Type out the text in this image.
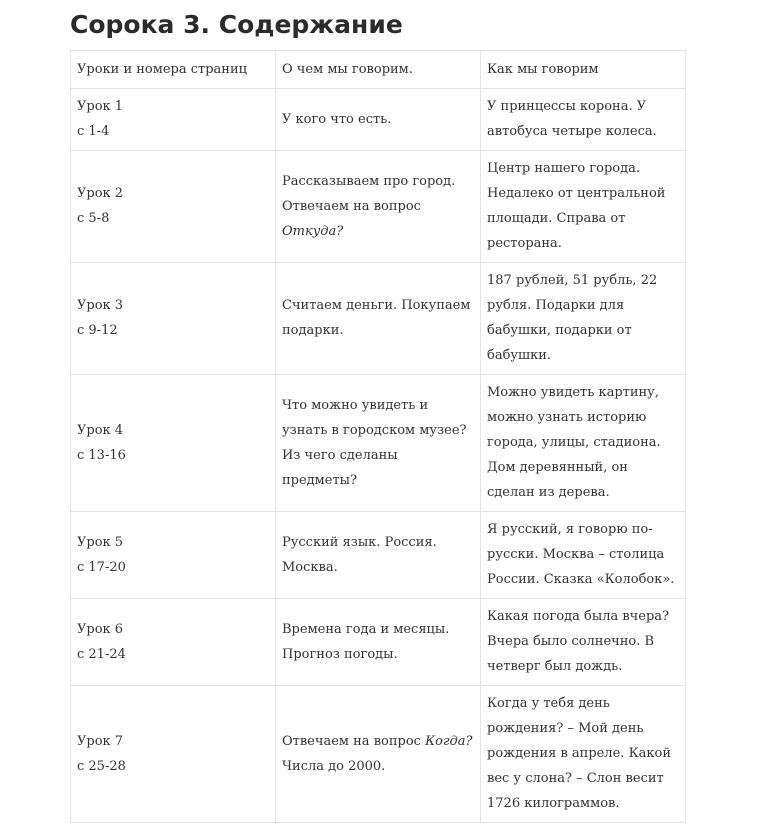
Сорока 3. Содержание
Уроки и номера страниц	О чем мы говорим.	Как мы говорим

Урок 1
с 1-4	У кого что есть.	У принцессы корона. У автобуса четыре колеса.

Урок 2
с 5-8	Рассказываем про город. Отвечаем на вопрос Откуда?	Центр нашего города. Недалеко от центральной площади. Справа от ресторана.

Урок 3
с 9-12	Считаем деньги. Покупаем подарки.	187 рублей, 51 рубль, 22 рубля. Подарки для бабушки, подарки от бабушки.

Урок 4
с 13-16	Что можно увидеть и узнать в городском музее? Из чего сделаны предметы?	Можно увидеть картину, можно узнать историю города, улицы, стадиона. Дом деревянный, он сделан из дерева.

Урок 5
с 17-20	Русский язык. Россия. Москва.	Я русский, я говорю по-русски. Москва – столица России. Сказка «Колобок».

Урок 6
с 21-24	Времена года и месяцы. Прогноз погоды.	Какая погода была вчера? Вчера было солнечно. В четверг был дождь.

Урок 7
с 25-28	Отвечаем на вопрос Когда? Числа до 2000.	Когда у тебя день рождения? – Мой день рождения в апреле. Какой вес у слона? – Слон весит 1726 килограммов.
